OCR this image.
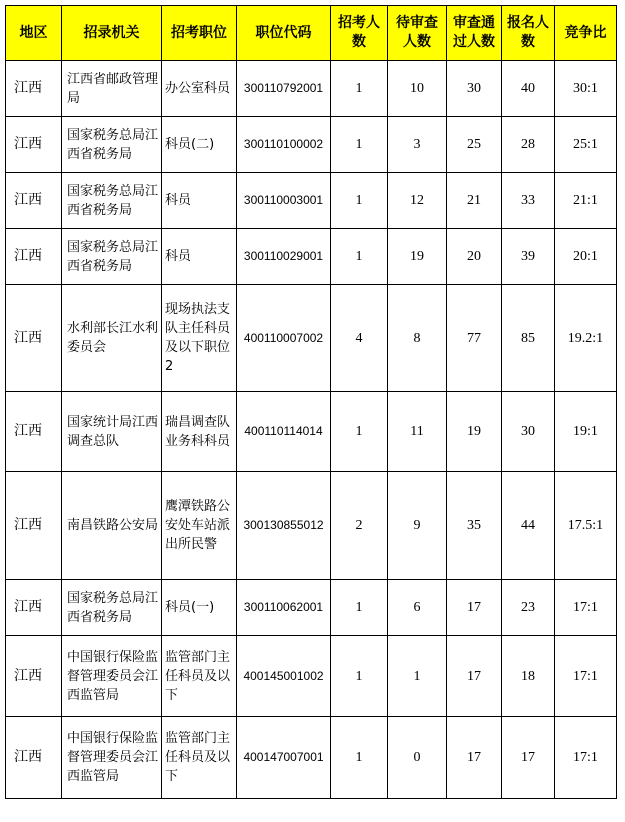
地区	招录机关	招考职位	职位代码	招考人数	待审查人数	审查通过人数	报名人数	竞争比
江西	江西省邮政管理局	办公室科员	300110792001	1	10	30	40	30:1
江西	国家税务总局江西省税务局	科员(二)	300110100002	1	3	25	28	25:1
江西	国家税务总局江西省税务局	科员	300110003001	1	12	21	33	21:1
江西	国家税务总局江西省税务局	科员	300110029001	1	19	20	39	20:1
江西	水利部长江水利委员会	现场执法支队主任科员及以下职位2	400110007002	4	8	77	85	19.2:1
江西	国家统计局江西调查总队	瑞昌调查队业务科科员	400110114014	1	11	19	30	19:1
江西	南昌铁路公安局	鹰潭铁路公安处车站派出所民警	300130855012	2	9	35	44	17.5:1
江西	国家税务总局江西省税务局	科员(一)	300110062001	1	6	17	23	17:1
江西	中国银行保险监督管理委员会江西监管局	监管部门主任科员及以下	400145001002	1	1	17	18	17:1
江西	中国银行保险监督管理委员会江西监管局	监管部门主任科员及以下	400147007001	1	0	17	17	17:1
